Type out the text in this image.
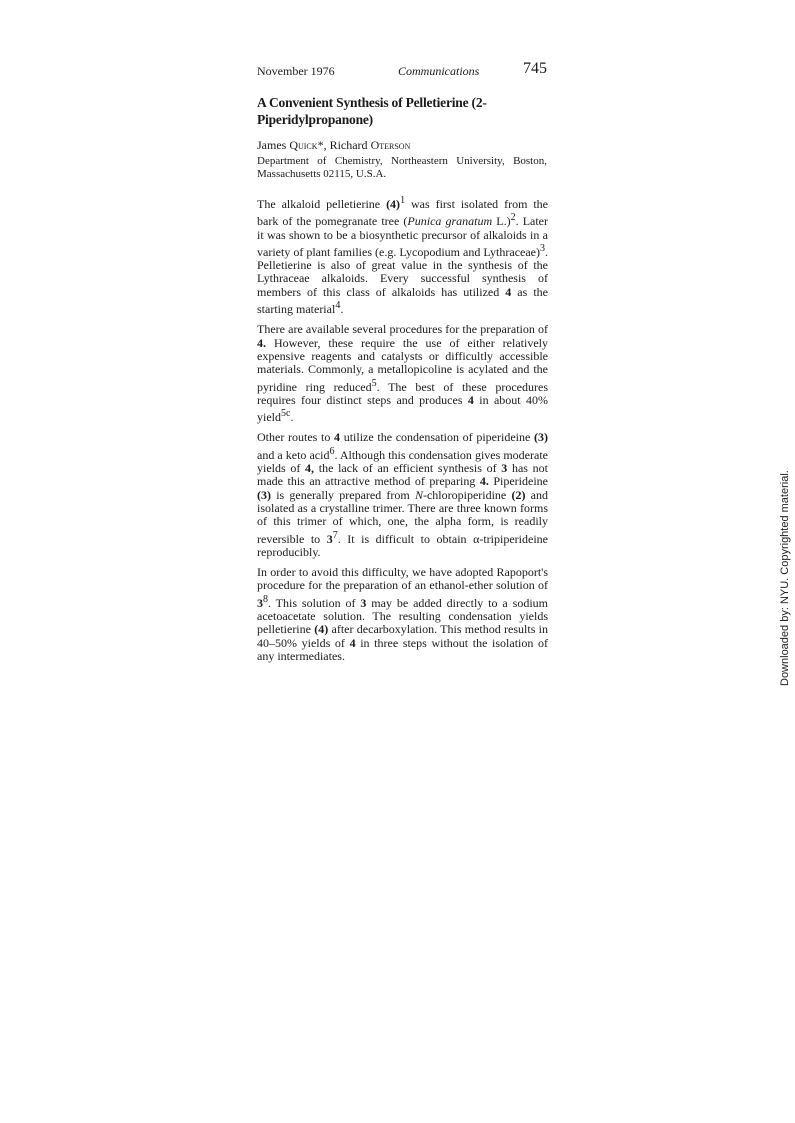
November 1976	Communications	745
A Convenient Synthesis of Pelletierine (2-Piperidylpropanone)
James Quick*, Richard Oterson
Department of Chemistry, Northeastern University, Boston, Massachusetts 02115, U.S.A.

The alkaloid pelletierine $(4)^1$ was first isolated from the bark of the pomegranate tree (Punica granatum L.)$^2$. Later it was shown to be a biosynthetic precursor of alkaloids in a variety of plant families (e.g. Lycopodium and Lythraceae)$^3$. Pelletierine is also of great value in the synthesis of the Lythraceae alkaloids. Every successful synthesis of members of this class of alkaloids has utilized 4 as the starting material$^4$.

There are available several procedures for the preparation of 4. However, these require the use of either relatively expensive reagents and catalysts or difficultly accessible materials. Commonly, a metallopicoline is acylated and the pyridine ring reduced$^5$. The best of these procedures requires four distinct steps and produces 4 in about 40% yield$^{5c}$.

Other routes to 4 utilize the condensation of piperideine (3) and a keto acid$^6$. Although this condensation gives moderate yields of 4, the lack of an efficient synthesis of 3 has not made this an attractive method of preparing 4. Piperideine (3) is generally prepared from N-chloropiperidine (2) and isolated as a crystalline trimer. There are three known forms of this trimer of which, one, the alpha form, is readily reversible to $3^7$. It is difficult to obtain α-tripiperideine reproducibly.

In order to avoid this difficulty, we have adopted Rapoport's procedure for the preparation of an ethanol-ether solution of $3^8$. This solution of 3 may be added directly to a sodium acetoacetate solution. The resulting condensation yields pelletierine (4) after decarboxylation. This method results in 40–50% yields of 4 in three steps without the isolation of any intermediates.	Downloaded by: NYU. Copyrighted material.
